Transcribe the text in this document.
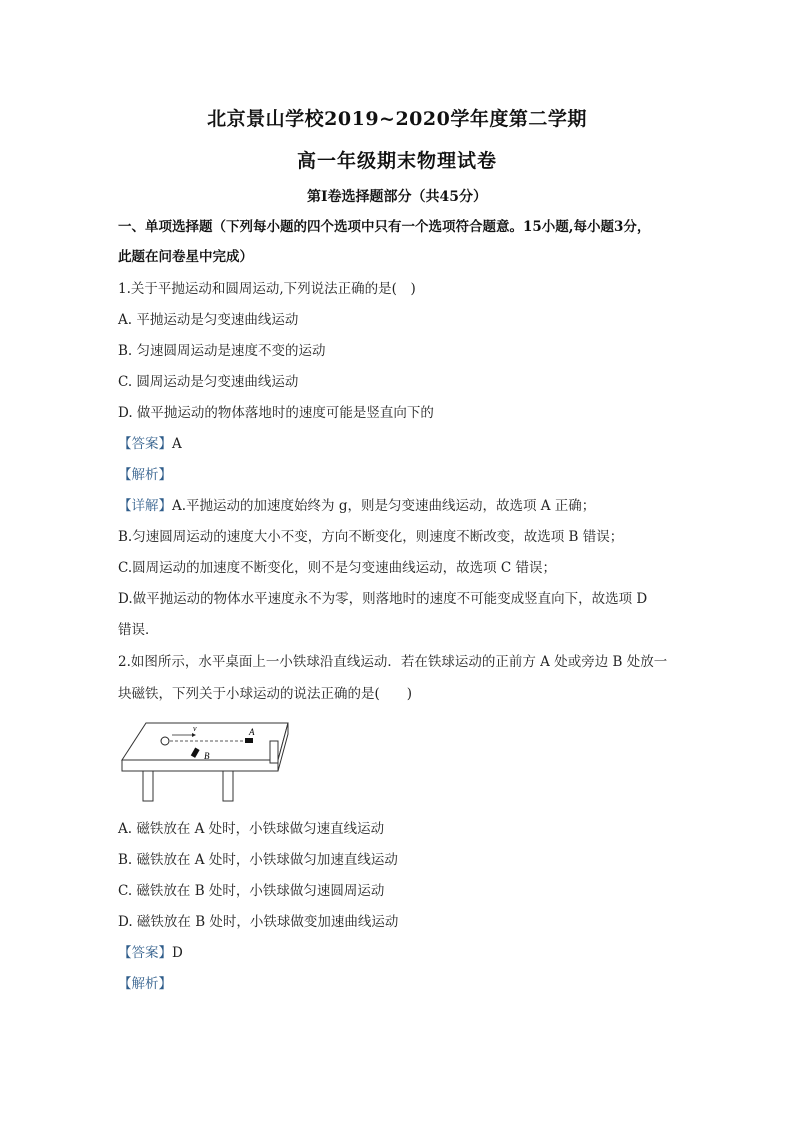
北京景山学校2019~2020学年度第二学期
高一年级期末物理试卷
第Ⅰ卷选择题部分（共45分）
一、单项选择题（下列每小题的四个选项中只有一个选项符合题意。15小题,每小题3分，
此题在问卷星中完成）
1.关于平抛运动和圆周运动,下列说法正确的是(　)
A. 平抛运动是匀变速曲线运动
B. 匀速圆周运动是速度不变的运动
C. 圆周运动是匀变速曲线运动
D. 做平抛运动的物体落地时的速度可能是竖直向下的
【答案】A
【解析】
【详解】A.平抛运动的加速度始终为 g，则是匀变速曲线运动，故选项 A 正确；
B.匀速圆周运动的速度大小不变，方向不断变化，则速度不断改变，故选项 B 错误；
C.圆周运动的加速度不断变化，则不是匀变速曲线运动，故选项 C 错误；
D.做平抛运动的物体水平速度永不为零，则落地时的速度不可能变成竖直向下，故选项 D
错误．
2.如图所示，水平桌面上一小铁球沿直线运动．若在铁球运动的正前方 A 处或旁边 B 处放一
块磁铁，下列关于小球运动的说法正确的是(　　)
v	A
B
A. 磁铁放在 A 处时，小铁球做匀速直线运动
B. 磁铁放在 A 处时，小铁球做匀加速直线运动
C. 磁铁放在 B 处时，小铁球做匀速圆周运动
D. 磁铁放在 B 处时，小铁球做变加速曲线运动
【答案】D
【解析】
